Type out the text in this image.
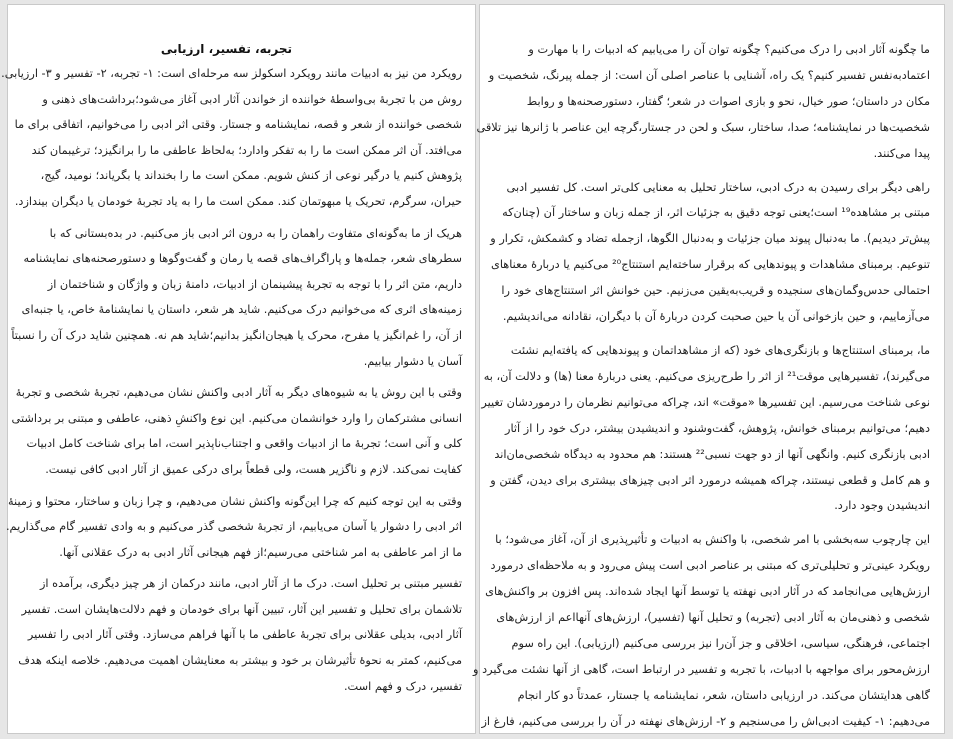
تجربه، تفسیر، ارزیابی
رویکرد من نیز به ادبیات مانند رویکرد اسکولز سه مرحله‌ای است: ۱- تجربه، ۲- تفسیر و ۳- ارزیابی.
روش من با تجربهٔ بی‌واسطهٔ خواننده از خواندن آثار ادبی آغاز می‌شود؛برداشت‌های ذهنی و
شخصی خواننده از شعر و قصه، نمایشنامه و جستار. وقتی اثر ادبی را می‌خوانیم، اتفاقی برای ما
می‌افتد. آن اثر ممکن است ما را به تفکر وادارد؛ به‌لحاظ عاطفی ما را برانگیزد؛ ترغیبمان کند
پژوهش کنیم یا درگیر نوعی از کنش شویم. ممکن است ما را بخنداند یا بگریاند؛ نومید، گیج،
حیران، سرگرم، تحریک یا مبهوتمان کند. ممکن است ما را به یاد تجربهٔ خودمان یا دیگران بیندازد.
هریک از ما به‌گونه‌ای متفاوت راهمان را به درون اثر ادبی باز می‌کنیم. در بده‌بستانی که با
سطرهای شعر، جمله‌ها و پاراگراف‌های قصه یا رمان و گفت‌وگوها و دستورصحنه‌های نمایشنامه
داریم، متن اثر را با توجه به تجربهٔ پیشینمان از ادبیات، دامنهٔ زبان و واژگان و شناختمان از
زمینه‌های اثری که می‌خوانیم درک می‌کنیم. شاید هر شعر، داستان یا نمایشنامهٔ خاص، یا جنبه‌ای
از آن، را غم‌انگیز یا مفرح، محرک یا هیجان‌انگیز بدانیم؛شاید هم نه. همچنین شاید درک آن را نسبتاً
آسان یا دشوار بیابیم.
وقتی با این روش یا به شیوه‌های دیگر به آثار ادبی واکنش نشان می‌دهیم، تجربهٔ شخصی و تجربهٔ
انسانی مشترکمان را وارد خوانشمان می‌کنیم. این نوع واکنشِ ذهنی، عاطفی و مبتنی بر برداشتی
کلی و آنی است؛ تجربهٔ ما از ادبیات واقعی و اجتناب‌ناپذیر است، اما برای شناخت کامل ادبیات
کفایت نمی‌کند. لازم و ناگزیر هست، ولی قطعاً برای درکی عمیق از آثار ادبی کافی نیست.
وقتی به این توجه کنیم که چرا این‌گونه واکنش نشان می‌دهیم، و چرا زبان و ساختار، محتوا و زمینهٔ
اثر ادبی را دشوار یا آسان می‌یابیم، از تجربهٔ شخصی گذر می‌کنیم و به وادی تفسیر گام می‌گذاریم.
ما از امر عاطفی به امر شناختی می‌رسیم؛از فهم هیجانی آثار ادبی به درک عقلانی آنها.
تفسیر مبتنی بر تحلیل است. درک ما از آثار ادبی، مانند درکمان از هر چیز دیگری، برآمده از
تلاشمان برای تحلیل و تفسیر این آثار، تبیین آنها برای خودمان و فهم دلالت‌هایشان است. تفسیر
آثار ادبی، بدیلی عقلانی برای تجربهٔ عاطفی ما با آنها فراهم می‌سازد. وقتی آثار ادبی را تفسیر
می‌کنیم، کمتر به نحوهٔ تأثیرشان بر خود و بیشتر به معنایشان اهمیت می‌دهیم. خلاصه اینکه هدف
تفسیر، درک و فهم است.
ما چگونه آثار ادبی را درک می‌کنیم؟ چگونه توان آن را می‌یابیم که ادبیات را با مهارت و
اعتمادبه‌نفس تفسیر کنیم؟ یک راه، آشنایی با عناصر اصلی آن است: از جمله پیرنگ، شخصیت و
مکان در داستان؛ صور خیال، نحو و بازی اصوات در شعر؛ گفتار، دستورصحنه‌ها و روابط
شخصیت‌ها در نمایشنامه؛ صدا، ساختار، سبک و لحن در جستار،گرچه این عناصر با ژانرها نیز تلاقی
پیدا می‌کنند.
راهی دیگر برای رسیدن به درک ادبی، ساختار تحلیل به معنایی کلی‌تر است. کل تفسیر ادبی
مبتنی بر مشاهده¹⁹ است؛یعنی توجه دقیق به جزئیات اثر، از جمله زبان و ساختار آن (چنان‌که
پیش‌تر دیدیم). ما به‌دنبال پیوند میان جزئیات و به‌دنبال الگوها، ازجمله تضاد و کشمکش، تکرار و
تنوعیم. برمبنای مشاهدات و پیوندهایی که برقرار ساخته‌ایم استنتاج²⁰ می‌کنیم یا دربارهٔ معناهای
احتمالی حدس‌وگمان‌های سنجیده و قریب‌به‌یقین می‌زنیم. حین خوانش اثر استنتاج‌های خود را
می‌آزماییم، و حین بازخوانی آن یا حین صحبت کردن دربارهٔ آن با دیگران، نقادانه می‌اندیشیم.
ما، برمبنای استنتاج‌ها و بازنگری‌های خود (که از مشاهداتمان و پیوندهایی که یافته‌ایم نشئت
می‌گیرند)، تفسیرهایی موقت²¹ از اثر را طرح‌ریزی می‌کنیم. یعنی دربارهٔ معنا (ها) و دلالت آن، به
نوعی شناخت می‌رسیم. این تفسیرها «موقت» اند، چراکه می‌توانیم نظرمان را درموردشان تغییر
دهیم؛ می‌توانیم برمبنای خوانش، پژوهش، گفت‌وشنود و اندیشیدن بیشتر، درک خود را از آثار
ادبی بازنگری کنیم. وانگهی آنها از دو جهت نسبی²² هستند: هم محدود به دیدگاه شخصی‌مان‌اند
و هم کامل و قطعی نیستند، چراکه همیشه درمورد اثر ادبی چیزهای بیشتری برای دیدن، گفتن و
اندیشیدن وجود دارد.
این چارچوب سه‌بخشی با امر شخصی، با واکنش به ادبیات و تأثیرپذیری از آن، آغاز می‌شود؛ با
رویکرد عینی‌تر و تحلیلی‌تری که مبتنی بر عناصر ادبی است پیش می‌رود و به ملاحظه‌ای درمورد
ارزش‌هایی می‌انجامد که در آثار ادبی نهفته یا توسط آنها ایجاد شده‌اند. پس افزون بر واکنش‌های
شخصی و ذهنی‌مان به آثار ادبی (تجربه) و تحلیل آنها (تفسیر)، ارزش‌های آنها‌اعم از ارزش‌های
اجتماعی، فرهنگی، سیاسی، اخلاقی و جز آن‌را نیز بررسی می‌کنیم (ارزیابی). این راه سوم
ارزش‌محور برای مواجهه با ادبیات، با تجربه و تفسیر در ارتباط است، گاهی از آنها نشئت می‌گیرد و
گاهی هدایتشان می‌کند. در ارزیابی داستان، شعر، نمایشنامه یا جستار، عمدتاً دو کار انجام
می‌دهیم: ۱- کیفیت ادبی‌اش را می‌سنجیم و ۲- ارزش‌های نهفته در آن را بررسی می‌کنیم، فارغ از
